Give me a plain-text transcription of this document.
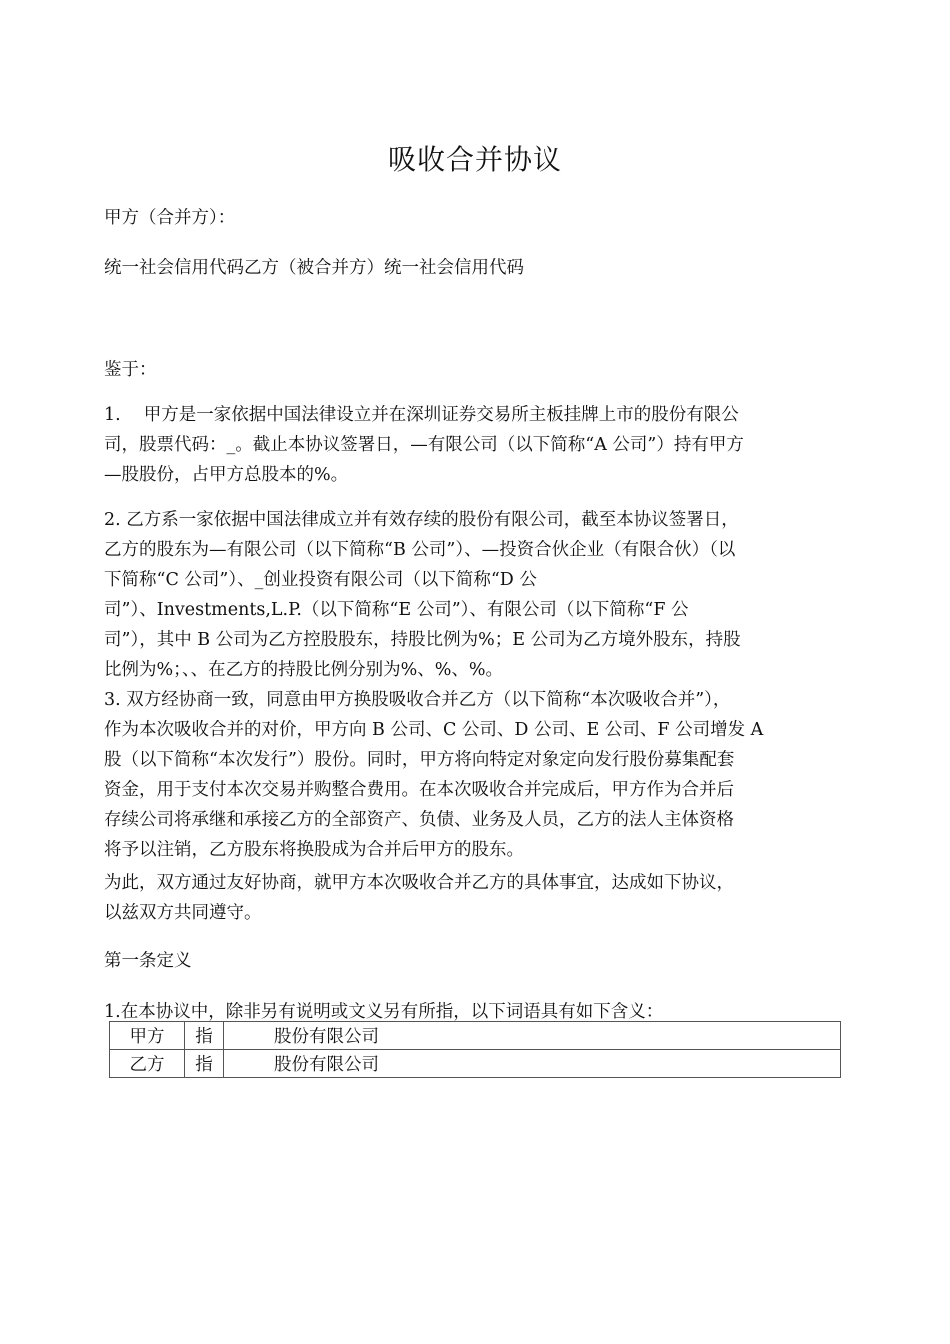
吸收合并协议
甲方（合并方）：
统一社会信用代码乙方（被合并方）统一社会信用代码
鉴于：

1.　 甲方是一家依据中国法律设立并在深圳证券交易所主板挂牌上市的股份有限公

司，股票代码：_。截止本协议签署日，—有限公司（以下简称“A 公司”）持有甲方

—股股份，占甲方总股本的%。

2. 乙方系一家依据中国法律成立并有效存续的股份有限公司，截至本协议签署日，

乙方的股东为—有限公司（以下简称“B 公司”）、—投资合伙企业（有限合伙）（以

下简称“C 公司”）、_创业投资有限公司（以下简称“D 公

司”）、Investments,L.P.（以下简称“E 公司”）、有限公司（以下简称“F 公

司”），其中 B 公司为乙方控股股东，持股比例为%；E 公司为乙方境外股东，持股

比例为%；、、在乙方的持股比例分别为%、%、%。

3. 双方经协商一致，同意由甲方换股吸收合并乙方（以下简称“本次吸收合并”），

作为本次吸收合并的对价，甲方向 B 公司、C 公司、D 公司、E 公司、F 公司增发 A

股（以下简称“本次发行”）股份。同时，甲方将向特定对象定向发行股份募集配套

资金，用于支付本次交易并购整合费用。在本次吸收合并完成后，甲方作为合并后

存续公司将承继和承接乙方的全部资产、负债、业务及人员，乙方的法人主体资格

将予以注销，乙方股东将换股成为合并后甲方的股东。

为此，双方通过友好协商，就甲方本次吸收合并乙方的具体事宜，达成如下协议，

以兹双方共同遵守。

第一条定义
1.在本协议中，除非另有说明或文义另有所指，以下词语具有如下含义：
甲方	指	股份有限公司
乙方	指	股份有限公司
